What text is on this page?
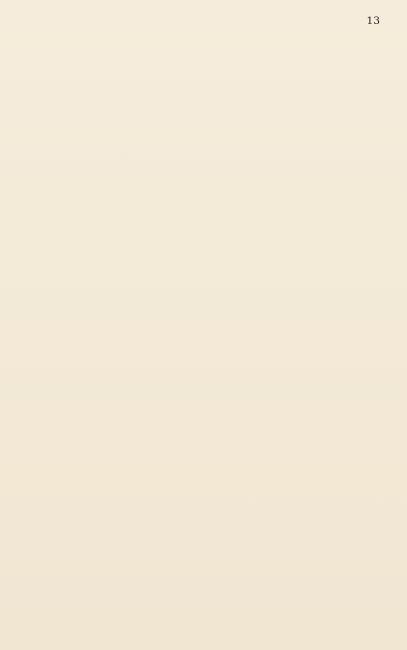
13
